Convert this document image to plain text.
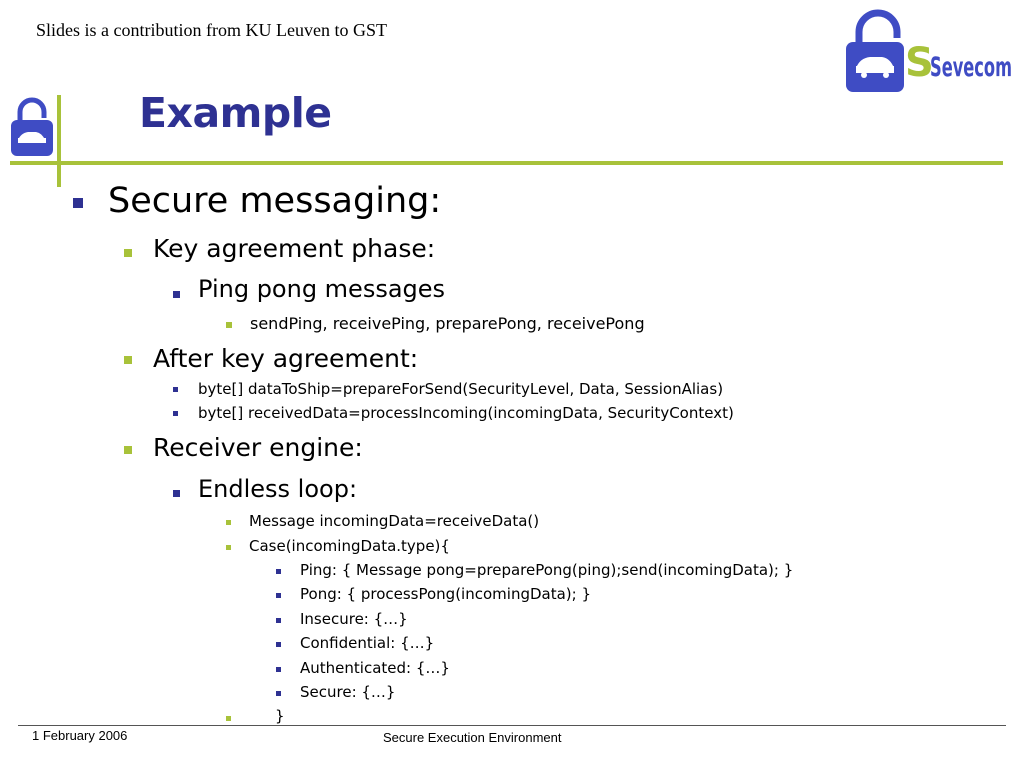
Slides is a contribution from KU Leuven to GST
S
Sevecom
Example
Secure messaging:
Key agreement phase:
Ping pong messages
sendPing, receivePing, preparePong, receivePong
After key agreement:
byte[] dataToShip=prepareForSend(SecurityLevel, Data, SessionAlias)
byte[] receivedData=processIncoming(incomingData, SecurityContext)
Receiver engine:
Endless loop:
Message incomingData=receiveData()
Case(incomingData.type){
Ping: { Message pong=preparePong(ping);send(incomingData); }
Pong: { processPong(incomingData); }
Insecure: {…}
Confidential: {…}
Authenticated: {…}
Secure: {…}
}
1 February 2006	Secure Execution Environment
